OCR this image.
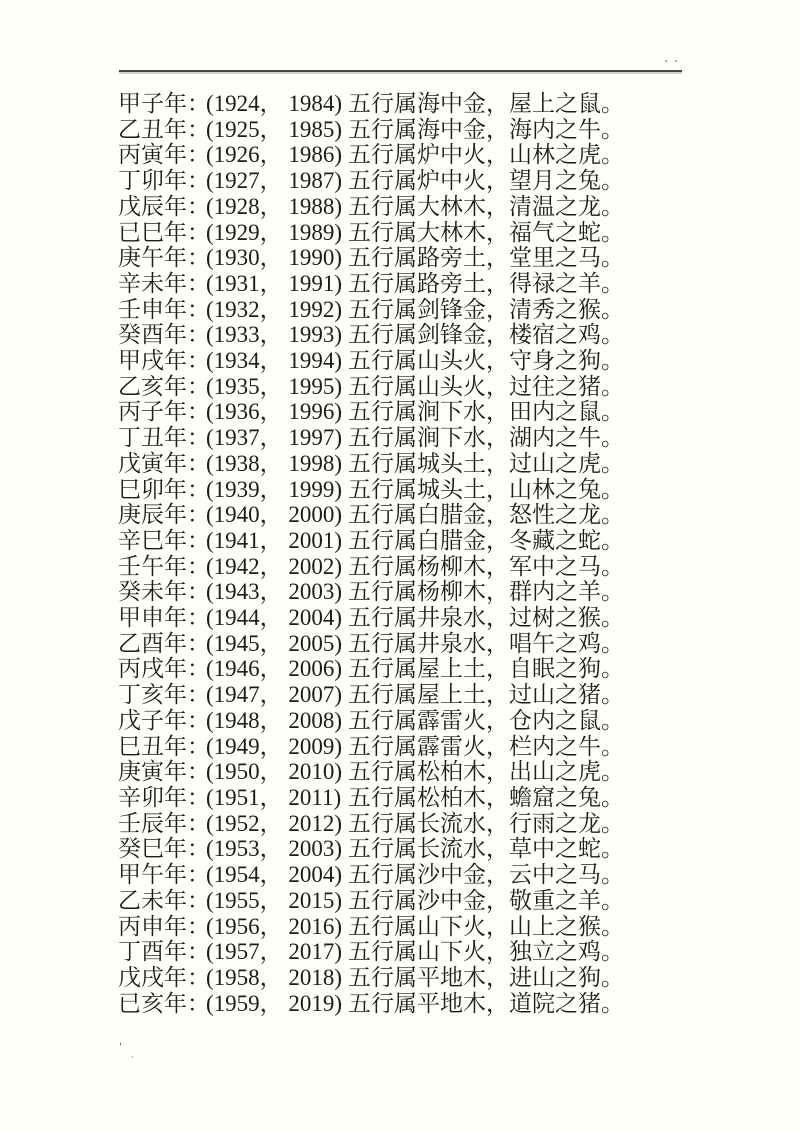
..
甲子年：
(1924， 1984) 五行属海中金，屋上之鼠。
乙丑年：
(1925， 1985) 五行属海中金，海内之牛。
丙寅年：
(1926， 1986) 五行属炉中火，山林之虎。
丁卯年：
(1927， 1987) 五行属炉中火，望月之兔。
戊辰年：
(1928， 1988) 五行属大林木，清温之龙。
已巳年：
(1929， 1989) 五行属大林木，福气之蛇。
庚午年：
(1930， 1990) 五行属路旁土，堂里之马。
辛未年：
(1931， 1991) 五行属路旁土，得禄之羊。
壬申年：
(1932， 1992) 五行属剑锋金，清秀之猴。
癸酉年：
(1933， 1993) 五行属剑锋金，楼宿之鸡。
甲戌年：
(1934， 1994) 五行属山头火，守身之狗。
乙亥年：
(1935， 1995) 五行属山头火，过往之猪。
丙子年：
(1936， 1996) 五行属涧下水，田内之鼠。
丁丑年：
(1937， 1997) 五行属涧下水，湖内之牛。
戊寅年：
(1938， 1998) 五行属城头土，过山之虎。
巳卯年：
(1939， 1999) 五行属城头土，山林之兔。
庚辰年：
(1940， 2000) 五行属白腊金，怒性之龙。
辛巳年：
(1941， 2001) 五行属白腊金，冬藏之蛇。
壬午年：
(1942， 2002) 五行属杨柳木，军中之马。
癸未年：
(1943， 2003) 五行属杨柳木，群内之羊。
甲申年：
(1944， 2004) 五行属井泉水，过树之猴。
乙酉年：
(1945， 2005) 五行属井泉水，唱午之鸡。
丙戌年：
(1946， 2006) 五行属屋上土，自眠之狗。
丁亥年：
(1947， 2007) 五行属屋上土，过山之猪。
戊子年：
(1948， 2008) 五行属霹雷火，仓内之鼠。
巳丑年：
(1949， 2009) 五行属霹雷火，栏内之牛。
庚寅年：
(1950， 2010) 五行属松柏木，出山之虎。
辛卯年：
(1951， 2011) 五行属松柏木，蟾窟之兔。
壬辰年：
(1952， 2012) 五行属长流水，行雨之龙。
癸巳年：
(1953， 2003) 五行属长流水，草中之蛇。
甲午年：
(1954， 2004) 五行属沙中金，云中之马。
乙未年：
(1955， 2015) 五行属沙中金，敬重之羊。
丙申年：
(1956， 2016) 五行属山下火，山上之猴。
丁酉年：
(1957， 2017) 五行属山下火，独立之鸡。
戊戌年：
(1958， 2018) 五行属平地木，进山之狗。
已亥年：
(1959， 2019) 五行属平地木，道院之猪。
'
·
